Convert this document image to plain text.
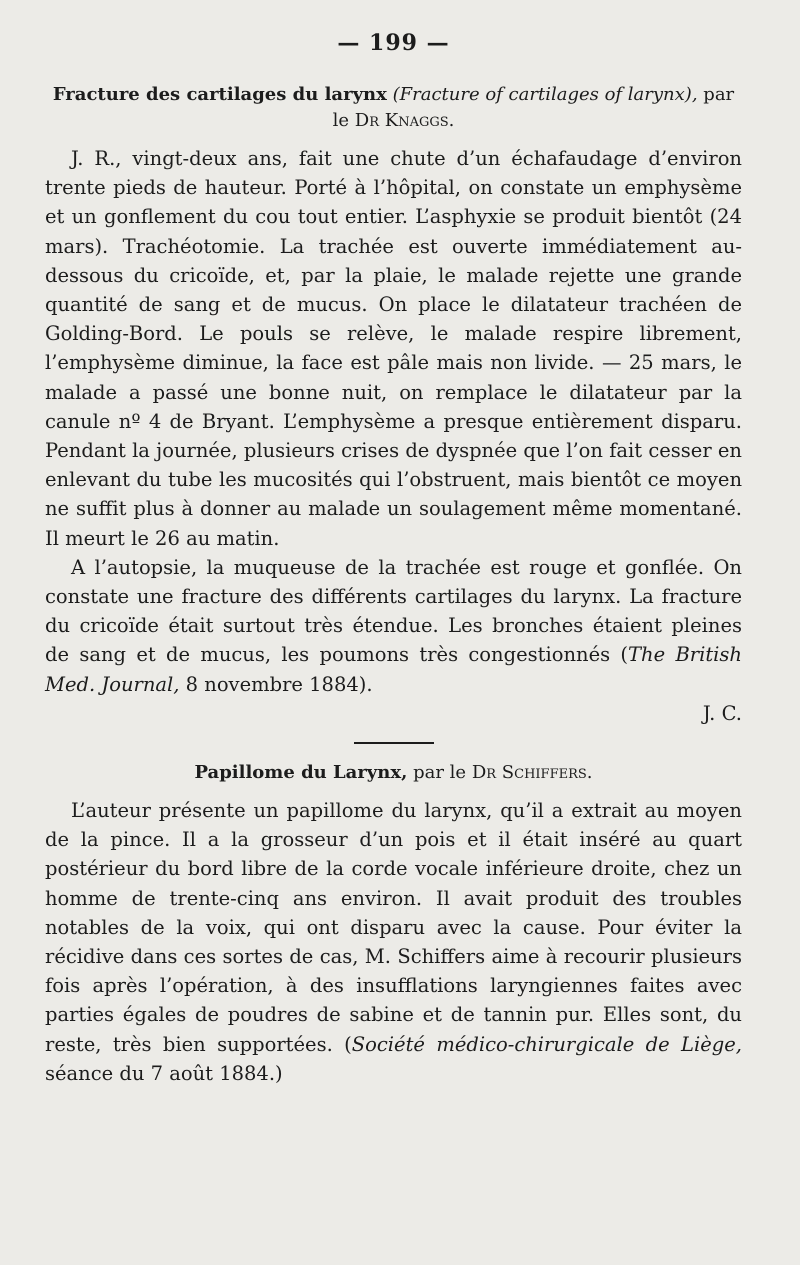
— 199 —
Fracture des cartilages du larynx (Fracture of cartilages of larynx), par le Dr Knaggs.

J. R., vingt-deux ans, fait une chute d’un échafaudage d’environ trente pieds de hauteur. Porté à l’hôpital, on constate un emphysème et un gonflement du cou tout entier. L’asphyxie se produit bientôt (24 mars). Trachéotomie. La trachée est ouverte immédiatement au-dessous du cricoïde, et, par la plaie, le malade rejette une grande quantité de sang et de mucus. On place le dilatateur trachéen de Golding-Bord. Le pouls se relève, le malade respire librement, l’emphysème diminue, la face est pâle mais non livide. — 25 mars, le malade a passé une bonne nuit, on remplace le dilatateur par la canule nº 4 de Bryant. L’emphysème a presque entièrement disparu. Pendant la journée, plusieurs crises de dyspnée que l’on fait cesser en enlevant du tube les mucosités qui l’obstruent, mais bientôt ce moyen ne suffit plus à donner au malade un soulagement même momentané. Il meurt le 26 au matin.

A l’autopsie, la muqueuse de la trachée est rouge et gonflée. On constate une fracture des différents cartilages du larynx. La fracture du cricoïde était surtout très étendue. Les bronches étaient pleines de sang et de mucus, les poumons très congestionnés (The British Med. Journal, 8 novembre 1884).
J. C.

Papillome du Larynx, par le Dr Schiffers.

L’auteur présente un papillome du larynx, qu’il a extrait au moyen de la pince. Il a la grosseur d’un pois et il était inséré au quart postérieur du bord libre de la corde vocale inférieure droite, chez un homme de trente-cinq ans environ. Il avait produit des troubles notables de la voix, qui ont disparu avec la cause. Pour éviter la récidive dans ces sortes de cas, M. Schiffers aime à recourir plusieurs fois après l’opération, à des insufflations laryngiennes faites avec parties égales de poudres de sabine et de tannin pur. Elles sont, du reste, très bien supportées. (Société médico-chirurgicale de Liège, séance du 7 août 1884.)
